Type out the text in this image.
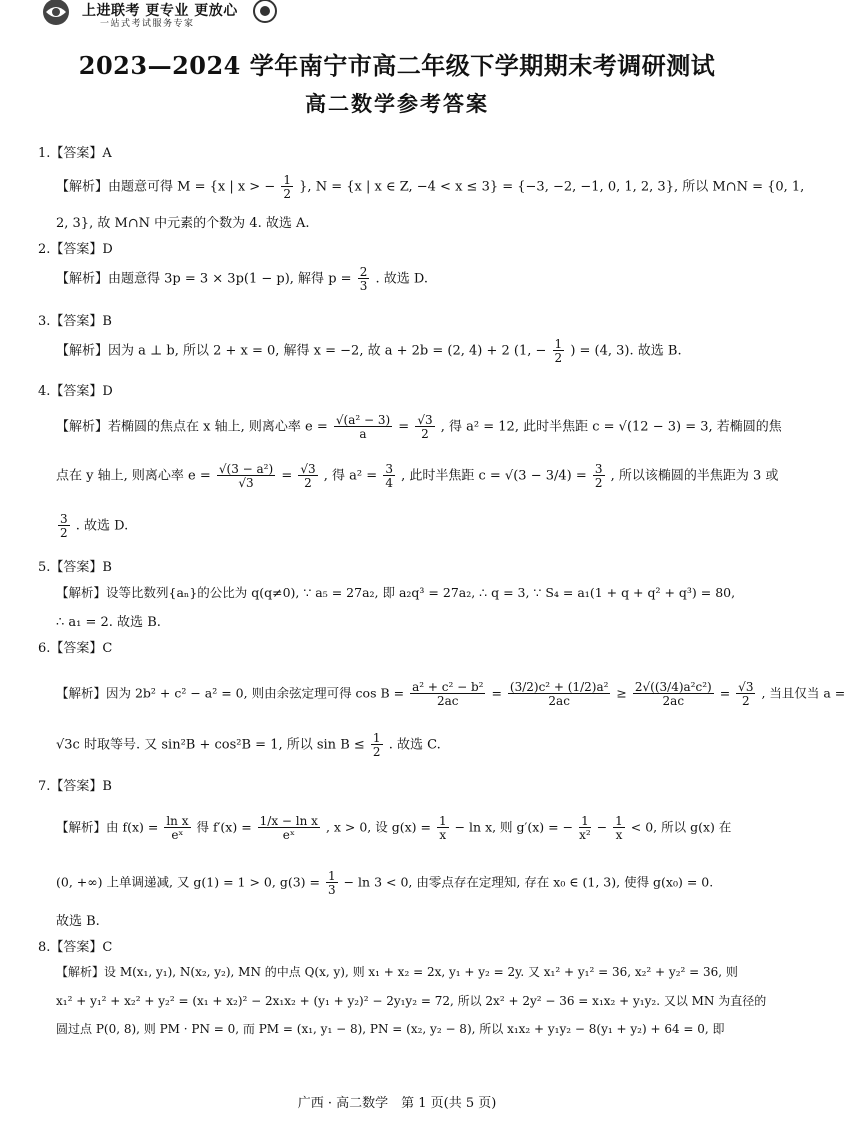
上进联考 更专业 更放心
一站式考试服务专家
2023—2024 学年南宁市高二年级下学期期末考调研测试
高二数学参考答案
1.【答案】A
【解析】由题意可得 M = {x | x > − $\frac{1}{2}$ }, N = {x | x ∈ Z, −4 < x ≤ 3} = {−3, −2, −1, 0, 1, 2, 3}, 所以 M∩N = {0, 1,
2, 3}, 故 M∩N 中元素的个数为 4. 故选 A.
2.【答案】D
【解析】由题意得 3p = 3 × 3p(1 − p), 解得 $p = \frac{2}{3}$ . 故选 D.
3.【答案】B
【解析】因为 a ⊥ b, 所以 2 + x = 0, 解得 x = −2, 故 a + 2b = (2, 4) + 2 (1, − $\frac{1}{2}$ ) = (4, 3). 故选 B.
4.【答案】D
【解析】若椭圆的焦点在 x 轴上, 则离心率 $e = \frac{\text{√(a² − 3)}}{a} = \frac{√3}{2}$ , 得 a² = 12, 此时半焦距 c = √(12 − 3) = 3, 若椭圆的焦
点在 y 轴上, 则离心率 $e = \frac{\text{√(3 − a²)}}{√3} = \frac{√3}{2}$ , 得 $a^2 = \frac{3}{4}$ , 此时半焦距 $c = √(3 - 3/4) = \frac{3}{2}$ , 所以该椭圆的半焦距为 3 或
$\frac{3}{2}$ . 故选 D.
5.【答案】B
【解析】设等比数列{aₙ}的公比为 q(q≠0), ∵ a₅ = 27a₂, 即 a₂q³ = 27a₂, ∴ q = 3, ∵ S₄ = a₁(1 + q + q² + q³) = 80,
∴ a₁ = 2. 故选 B.
6.【答案】C
【解析】因为 2b² + c² − a² = 0, 则由余弦定理可得 $\cos B = \frac{\text{a² + c² − b²}}{2ac} = \frac{\text{(3/2)c² + (1/2)a²}}{2ac} \ge \frac{\text{2√((3/4)a²c²)}}{2ac} = \frac{√3}{2}$ , 当且仅当 a =
√3c 时取等号. 又 sin²B + cos²B = 1, 所以 $\sin B \le \frac{1}{2}$ . 故选 C.
7.【答案】B
【解析】由 $f(x) = \frac{\text{ln x}}{\text{eˣ}}$ 得 $f'(x) = \frac{\text{1/x − ln x}}{\text{eˣ}}$ , x > 0, 设 $g(x) = \frac{1}{x} - \ln x$, 则 g′(x) = − $\frac{1}{\text{x²}} - \frac{1}{x} < 0$, 所以 g(x) 在
(0, +∞) 上单调递减, 又 g(1) = 1 > 0, $g(3) = \frac{1}{3} - \ln 3 < 0$, 由零点存在定理知, 存在 x₀ ∈ (1, 3), 使得 g(x₀) = 0.
故选 B.
8.【答案】C
【解析】设 M(x₁, y₁), N(x₂, y₂), MN 的中点 Q(x, y), 则 x₁ + x₂ = 2x, y₁ + y₂ = 2y. 又 x₁² + y₁² = 36, x₂² + y₂² = 36, 则
x₁² + y₁² + x₂² + y₂² = (x₁ + x₂)² − 2x₁x₂ + (y₁ + y₂)² − 2y₁y₂ = 72, 所以 2x² + 2y² − 36 = x₁x₂ + y₁y₂. 又以 MN 为直径的
圆过点 P(0, 8), 则 PM · PN = 0, 而 PM = (x₁, y₁ − 8), PN = (x₂, y₂ − 8), 所以 x₁x₂ + y₁y₂ − 8(y₁ + y₂) + 64 = 0, 即
广西 · 高二数学　第 1 页(共 5 页)
